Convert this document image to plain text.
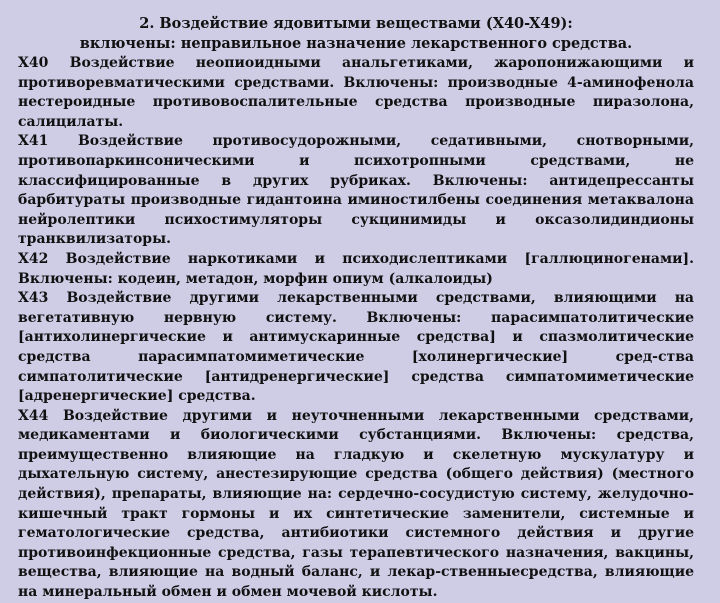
2. Воздействие ядовитыми веществами (X40-X49):
включены: неправильное назначение лекарственного средства.

X40 Воздействие неопиоидными анальгетиками, жаропонижающими и противоревматическими средствами. Включены: производные 4-аминофенола нестероидные противовоспалительные средства производные пиразолона, салицилаты.

X41 Воздействие противосудорожными, седативными, снотворными, противопаркинсоническими и психотропными средствами, не классифицированные в других рубриках. Включены: антидепрессанты барбитураты производные гидантоина иминостилбены соединения метаквалона нейролептики психостимуляторы сукцинимиды и оксазолидиндионы транквилизаторы.

X42 Воздействие наркотиками и психодислептиками [галлюциногенами]. Включены: кодеин, метадон, морфин опиум (алкалоиды)

X43 Воздействие другими лекарственными средствами, влияющими на вегетативную нервную систему. Включены: парасимпатолитические [антихолинергические и антимускаринные средства] и спазмолитические средства парасимпатомиметические [холинергические] сред-ства симпатолитические [антидренергические] средства симпатомиметические [адренергические] средства.

X44 Воздействие другими и неуточненными лекарственными средствами, медикаментами и биологическими субстанциями. Включены: средства, преимущественно влияющие на гладкую и скелетную мускулатуру и дыхательную систему, анестезирующие средства (общего действия) (местного действия), препараты, влияющие на: сердечно-сосудистую систему, желудочно-кишечный тракт гормоны и их синтетические заменители, системные и гематологические средства, антибиотики системного действия и другие противоинфекционные средства, газы терапевтического назначения, вакцины, вещества, влияющие на водный баланс, и лекар-ственныесредства, влияющие на минеральный обмен и обмен мочевой кислоты.
